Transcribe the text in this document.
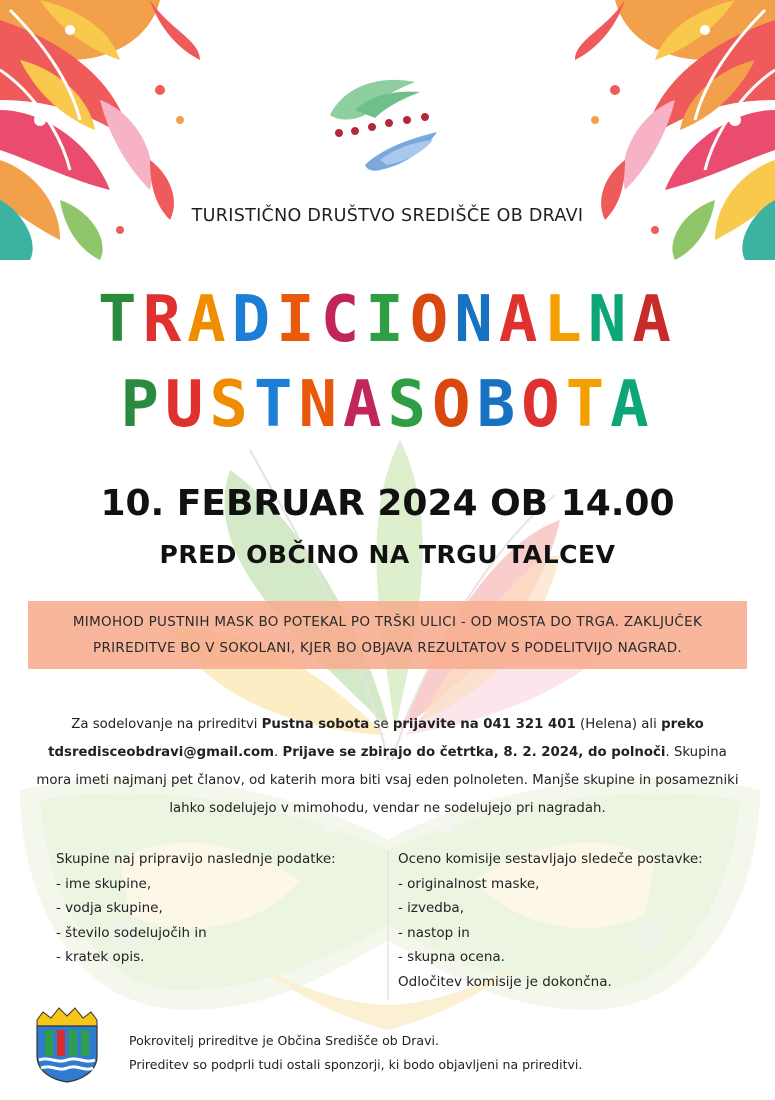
TURISTIČNO DRUŠTVO SREDIŠČE OB DRAVI
TRADICIONALNA
PUSTNASOBOTA
10. FEBRUAR 2024 OB 14.00
PRED OBČINO NA TRGU TALCEV
MIMOHOD PUSTNIH MASK BO POTEKAL PO TRŠKI ULICI - OD MOSTA DO TRGA. ZAKLJUČEK PRIREDITVE BO V SOKOLANI, KJER BO OBJAVA REZULTATOV S PODELITVIJO NAGRAD.
Za sodelovanje na prireditvi Pustna sobota se prijavite na 041 321 401 (Helena) ali preko tdsredisceobdravi@gmail.com. Prijave se zbirajo do četrtka, 8. 2. 2024, do polnoči. Skupina mora imeti najmanj pet članov, od katerih mora biti vsaj eden polnoleten. Manjše skupine in posamezniki lahko sodelujejo v mimohodu, vendar ne sodelujejo pri nagradah.
Skupine naj pripravijo naslednje podatke:
- ime skupine,
- vodja skupine,
- število sodelujočih in
- kratek opis.
Oceno komisije sestavljajo sledeče postavke:
- originalnost maske,
- izvedba,
- nastop in
- skupna ocena.
Odločitev komisije je dokončna.
Pokrovitelj prireditve je Občina Središče ob Dravi.
Prireditev so podprli tudi ostali sponzorji, ki bodo objavljeni na prireditvi.
